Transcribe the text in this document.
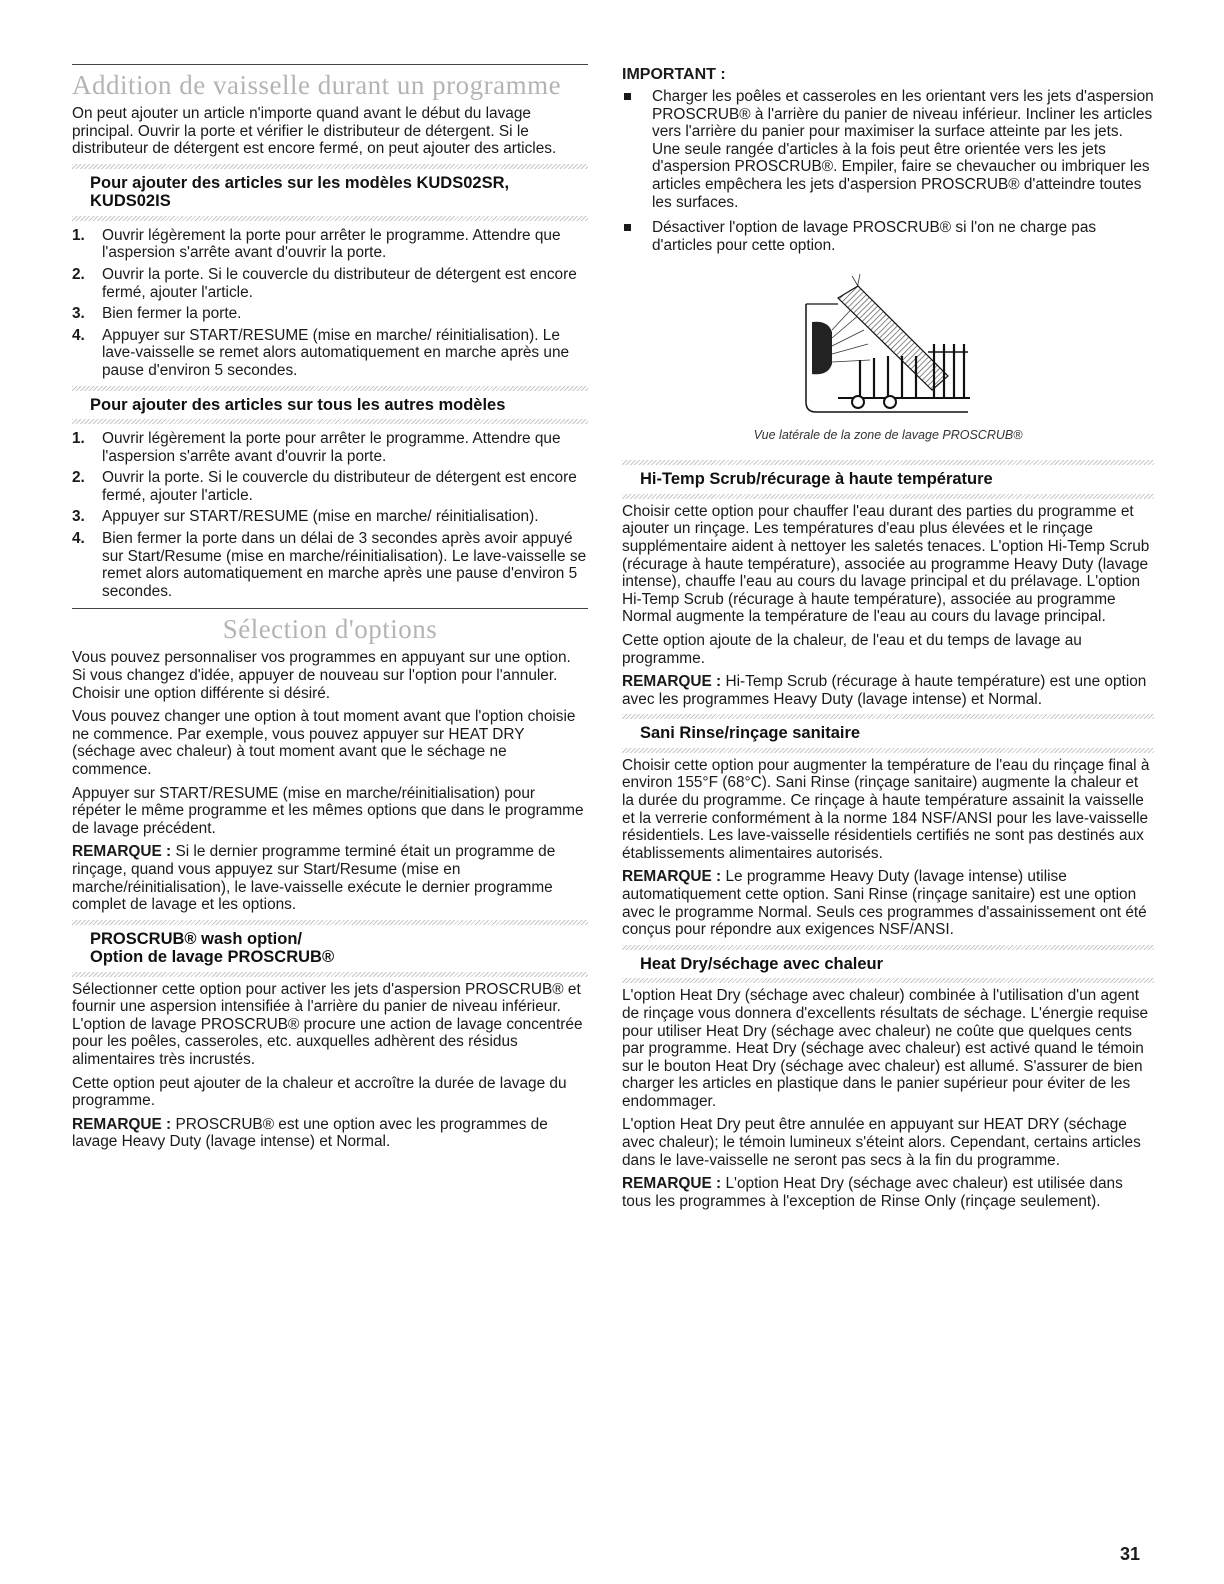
Addition de vaisselle durant un programme

On peut ajouter un article n'importe quand avant le début du lavage principal. Ouvrir la porte et vérifier le distributeur de détergent. Si le distributeur de détergent est encore fermé, on peut ajouter des articles.

Pour ajouter des articles sur les modèles KUDS02SR, KUDS02IS
1. Ouvrir légèrement la porte pour arrêter le programme. Attendre que l'aspersion s'arrête avant d'ouvrir la porte.
2. Ouvrir la porte. Si le couvercle du distributeur de détergent est encore fermé, ajouter l'article.
3. Bien fermer la porte.
4. Appuyer sur START/RESUME (mise en marche/ réinitialisation). Le lave-vaisselle se remet alors automatiquement en marche après une pause d'environ 5 secondes.
Pour ajouter des articles sur tous les autres modèles
1. Ouvrir légèrement la porte pour arrêter le programme. Attendre que l'aspersion s'arrête avant d'ouvrir la porte.
2. Ouvrir la porte. Si le couvercle du distributeur de détergent est encore fermé, ajouter l'article.
3. Appuyer sur START/RESUME (mise en marche/ réinitialisation).
4. Bien fermer la porte dans un délai de 3 secondes après avoir appuyé sur Start/Resume (mise en marche/réinitialisation). Le lave-vaisselle se remet alors automatiquement en marche après une pause d'environ 5 secondes.
Sélection d'options

Vous pouvez personnaliser vos programmes en appuyant sur une option. Si vous changez d'idée, appuyer de nouveau sur l'option pour l'annuler. Choisir une option différente si désiré.

Vous pouvez changer une option à tout moment avant que l'option choisie ne commence. Par exemple, vous pouvez appuyer sur HEAT DRY (séchage avec chaleur) à tout moment avant que le séchage ne commence.

Appuyer sur START/RESUME (mise en marche/réinitialisation) pour répéter le même programme et les mêmes options que dans le programme de lavage précédent.

REMARQUE : Si le dernier programme terminé était un programme de rinçage, quand vous appuyez sur Start/Resume (mise en marche/réinitialisation), le lave-vaisselle exécute le dernier programme complet de lavage et les options.

PROSCRUB® wash option/
Option de lavage PROSCRUB®

Sélectionner cette option pour activer les jets d'aspersion PROSCRUB® et fournir une aspersion intensifiée à l'arrière du panier de niveau inférieur. L'option de lavage PROSCRUB® procure une action de lavage concentrée pour les poêles, casseroles, etc. auxquelles adhèrent des résidus alimentaires très incrustés.

Cette option peut ajouter de la chaleur et accroître la durée de lavage du programme.

REMARQUE : PROSCRUB® est une option avec les programmes de lavage Heavy Duty (lavage intense) et Normal.

IMPORTANT :
Charger les poêles et casseroles en les orientant vers les jets d'aspersion PROSCRUB® à l'arrière du panier de niveau inférieur. Incliner les articles vers l'arrière du panier pour maximiser la surface atteinte par les jets. Une seule rangée d'articles à la fois peut être orientée vers les jets d'aspersion PROSCRUB®. Empiler, faire se chevaucher ou imbriquer les articles empêchera les jets d'aspersion PROSCRUB® d'atteindre toutes les surfaces.
Désactiver l'option de lavage PROSCRUB® si l'on ne charge pas d'articles pour cette option.
Vue latérale de la zone de lavage PROSCRUB®
Hi-Temp Scrub/récurage à haute température

Choisir cette option pour chauffer l'eau durant des parties du programme et ajouter un rinçage. Les températures d'eau plus élevées et le rinçage supplémentaire aident à nettoyer les saletés tenaces. L'option Hi-Temp Scrub (récurage à haute température), associée au programme Heavy Duty (lavage intense), chauffe l'eau au cours du lavage principal et du prélavage. L'option Hi-Temp Scrub (récurage à haute température), associée au programme Normal augmente la température de l'eau au cours du lavage principal.

Cette option ajoute de la chaleur, de l'eau et du temps de lavage au programme.

REMARQUE : Hi-Temp Scrub (récurage à haute température) est une option avec les programmes Heavy Duty (lavage intense) et Normal.

Sani Rinse/rinçage sanitaire

Choisir cette option pour augmenter la température de l'eau du rinçage final à environ 155°F (68°C). Sani Rinse (rinçage sanitaire) augmente la chaleur et la durée du programme. Ce rinçage à haute température assainit la vaisselle et la verrerie conformément à la norme 184 NSF/ANSI pour les lave-vaisselle résidentiels. Les lave-vaisselle résidentiels certifiés ne sont pas destinés aux établissements alimentaires autorisés.

REMARQUE : Le programme Heavy Duty (lavage intense) utilise automatiquement cette option. Sani Rinse (rinçage sanitaire) est une option avec le programme Normal. Seuls ces programmes d'assainissement ont été conçus pour répondre aux exigences NSF/ANSI.

Heat Dry/séchage avec chaleur

L'option Heat Dry (séchage avec chaleur) combinée à l'utilisation d'un agent de rinçage vous donnera d'excellents résultats de séchage. L'énergie requise pour utiliser Heat Dry (séchage avec chaleur) ne coûte que quelques cents par programme. Heat Dry (séchage avec chaleur) est activé quand le témoin sur le bouton Heat Dry (séchage avec chaleur) est allumé. S'assurer de bien charger les articles en plastique dans le panier supérieur pour éviter de les endommager.

L'option Heat Dry peut être annulée en appuyant sur HEAT DRY (séchage avec chaleur); le témoin lumineux s'éteint alors. Cependant, certains articles dans le lave-vaisselle ne seront pas secs à la fin du programme.

REMARQUE : L'option Heat Dry (séchage avec chaleur) est utilisée dans tous les programmes à l'exception de Rinse Only (rinçage seulement).

31
